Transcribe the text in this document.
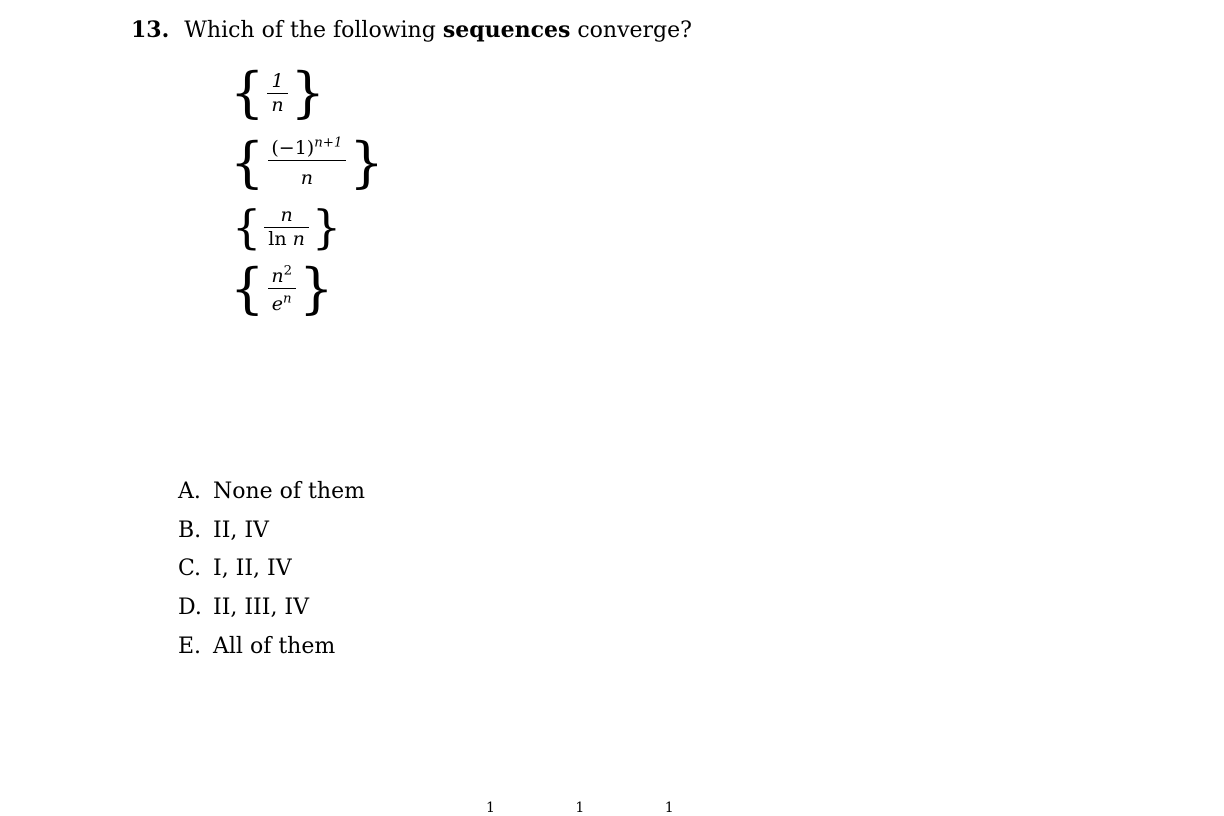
13. Which of the following sequences converge?
{ $\frac{1}{n}$ }
{ $\frac{(-1)^{n+1}}{n}$ }
{ $\frac{n}{\text{ln n}}$ }
{ $\frac{n^2}{e^n}$ }
A. None of them
B. II, IV
C. I, II, IV
D. II, III, IV
E. All of them
1 1 1
